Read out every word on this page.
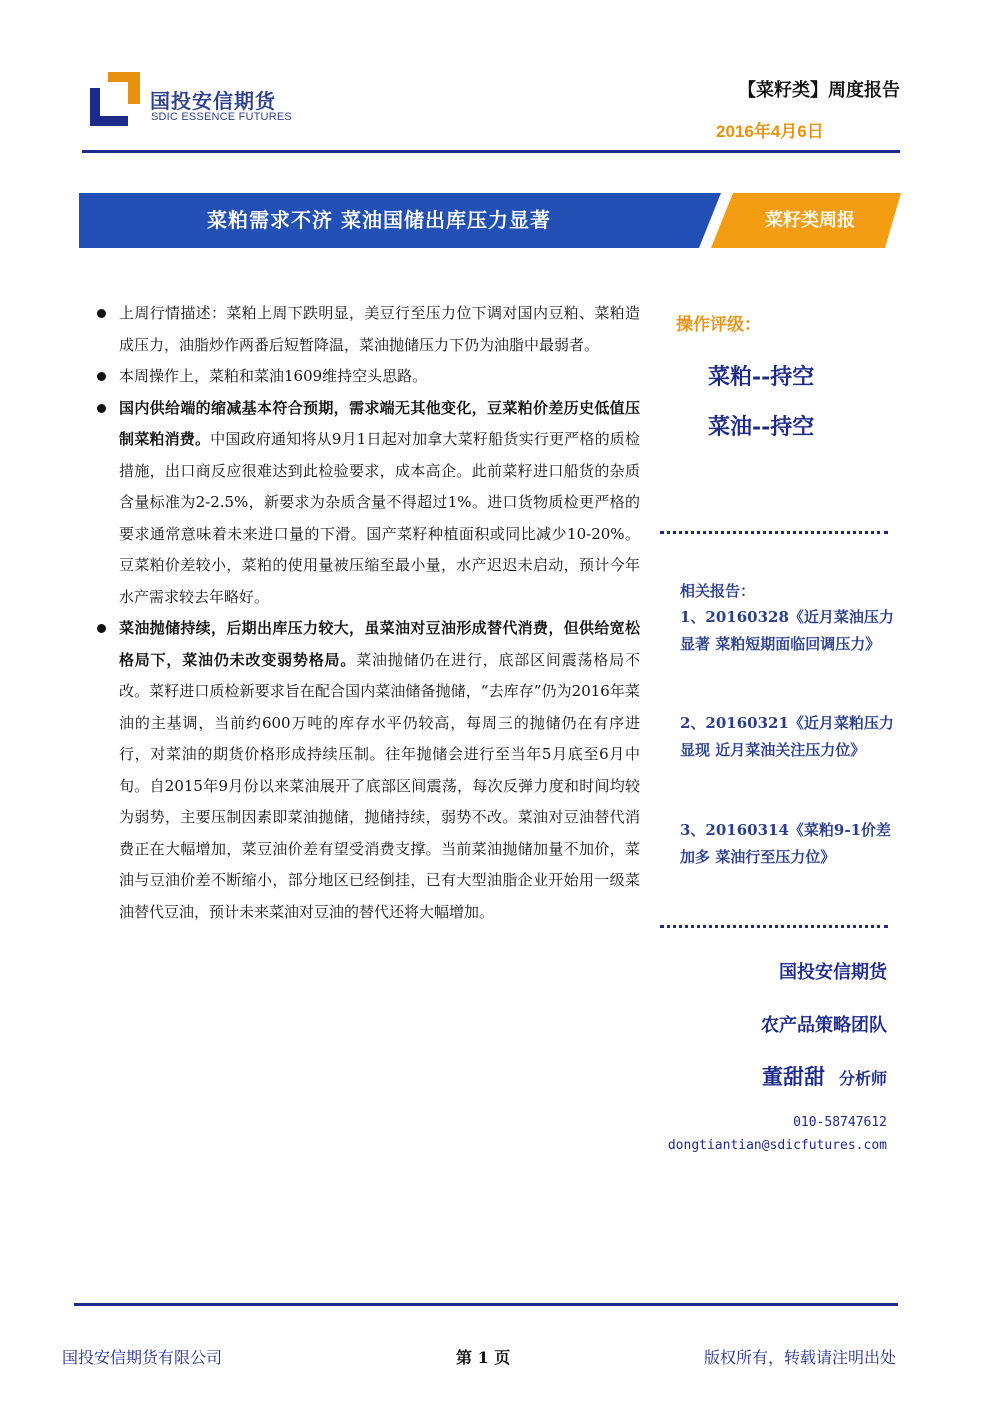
国投安信期货
SDIC ESSENCE FUTURES
【菜籽类】周度报告
2016年4月6日
菜粕需求不济 菜油国储出库压力显著	菜籽类周报
上周行情描述：菜粕上周下跌明显，美豆行至压力位下调对国内豆粕、菜粕造成压力，油脂炒作两番后短暂降温，菜油抛储压力下仍为油脂中最弱者。
本周操作上，菜粕和菜油1609维持空头思路。
国内供给端的缩减基本符合预期，需求端无其他变化，豆菜粕价差历史低值压制菜粕消费。中国政府通知将从9月1日起对加拿大菜籽船货实行更严格的质检措施，出口商反应很难达到此检验要求，成本高企。此前菜籽进口船货的杂质含量标准为2-2.5%，新要求为杂质含量不得超过1%。进口货物质检更严格的要求通常意味着未来进口量的下滑。国产菜籽种植面积或同比减少10-20%。豆菜粕价差较小，菜粕的使用量被压缩至最小量，水产迟迟未启动，预计今年水产需求较去年略好。
菜油抛储持续，后期出库压力较大，虽菜油对豆油形成替代消费，但供给宽松格局下，菜油仍未改变弱势格局。菜油抛储仍在进行，底部区间震荡格局不改。菜籽进口质检新要求旨在配合国内菜油储备抛储，“去库存”仍为2016年菜油的主基调，当前约600万吨的库存水平仍较高，每周三的抛储仍在有序进行，对菜油的期货价格形成持续压制。往年抛储会进行至当年5月底至6月中旬。自2015年9月份以来菜油展开了底部区间震荡，每次反弹力度和时间均较为弱势，主要压制因素即菜油抛储，抛储持续，弱势不改。菜油对豆油替代消费正在大幅增加，菜豆油价差有望受消费支撑。当前菜油抛储加量不加价，菜油与豆油价差不断缩小，部分地区已经倒挂，已有大型油脂企业开始用一级菜油替代豆油，预计未来菜油对豆油的替代还将大幅增加。
操作评级：
菜粕--持空
菜油--持空
相关报告：
1、20160328《近月菜油压力显著 菜粕短期面临回调压力》
2、20160321《近月菜粕压力显现 近月菜油关注压力位》
3、20160314《菜粕9-1价差加多 菜油行至压力位》
国投安信期货
农产品策略团队
董甜甜 分析师
010-58747612
dongtiantian@sdicfutures.com
国投安信期货有限公司	第 1 页	版权所有，转载请注明出处
